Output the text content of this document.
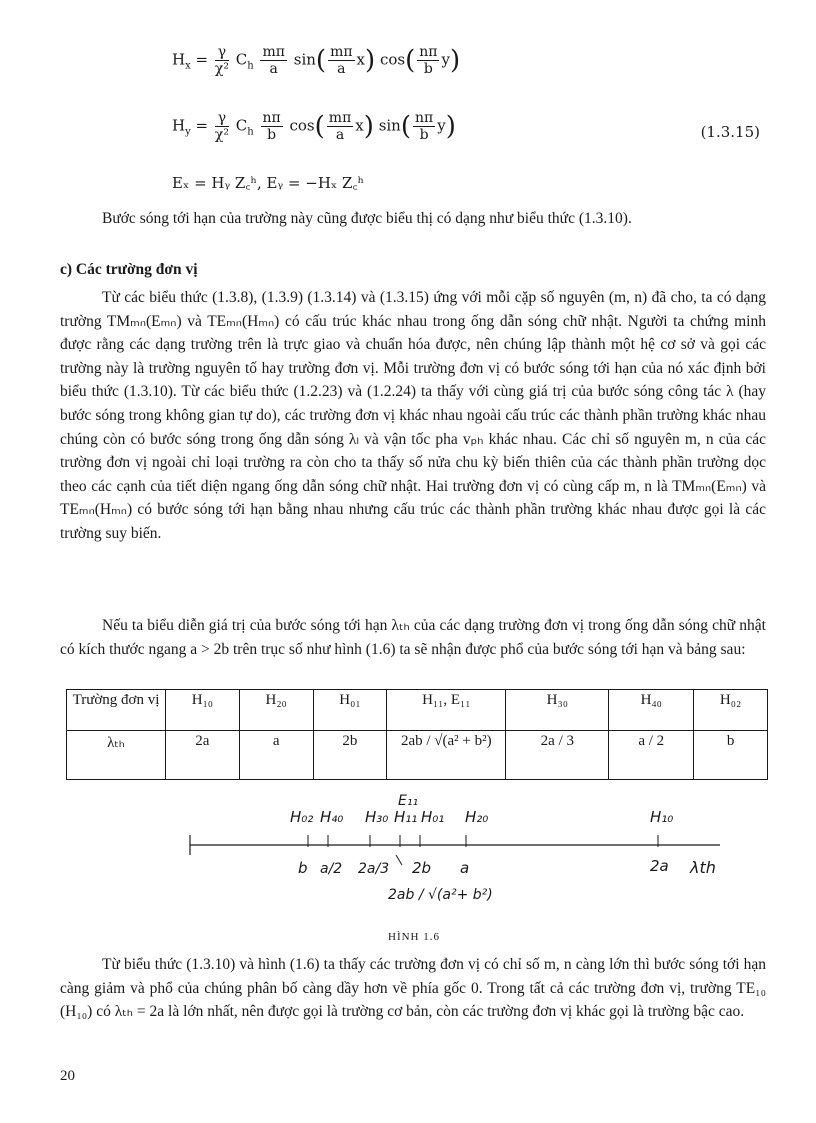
$H_x = \frac{\gamma}{\text{χ²}} C_h \frac{m\pi}{a} \sin( \frac{m\pi}{a} x)$ $\cos( \frac{n\pi}{b} y)$
$H_y = \frac{\gamma}{\text{χ²}} C_h \frac{n\pi}{b} \cos( \frac{m\pi}{a} x)$ $\sin( \frac{n\pi}{b} y)$	(1.3.15)
Eₓ = Hᵧ Z꜀ʰ, Eᵧ = −Hₓ Z꜀ʰ
Bước sóng tới hạn của trường này cũng được biểu thị có dạng như biểu thức (1.3.10).
c) Các trường đơn vị
Từ các biểu thức (1.3.8), (1.3.9) (1.3.14) và (1.3.15) ứng với mỗi cặp số nguyên (m, n) đã cho, ta có dạng trường TMₘₙ(Eₘₙ) và TEₘₙ(Hₘₙ) có cấu trúc khác nhau trong ống dẫn sóng chữ nhật. Người ta chứng minh được rằng các dạng trường trên là trực giao và chuẩn hóa được, nên chúng lập thành một hệ cơ sở và gọi các trường này là trường nguyên tố hay trường đơn vị. Mỗi trường đơn vị có bước sóng tới hạn của nó xác định bởi biểu thức (1.3.10). Từ các biểu thức (1.2.23) và (1.2.24) ta thấy với cùng giá trị của bước sóng công tác λ (hay bước sóng trong không gian tự do), các trường đơn vị khác nhau ngoài cấu trúc các thành phần trường khác nhau chúng còn có bước sóng trong ống dẫn sóng λₗ và vận tốc pha vₚₕ khác nhau. Các chỉ số nguyên m, n của các trường đơn vị ngoài chỉ loại trường ra còn cho ta thấy số nửa chu kỳ biến thiên của các thành phần trường dọc theo các cạnh của tiết diện ngang ống dẫn sóng chữ nhật. Hai trường đơn vị có cùng cấp m, n là TMₘₙ(Eₘₙ) và TEₘₙ(Hₘₙ) có bước sóng tới hạn bằng nhau nhưng cấu trúc các thành phần trường khác nhau được gọi là các trường suy biến.
Nếu ta biểu diễn giá trị của bước sóng tới hạn λₜₕ của các dạng trường đơn vị trong ống dẫn sóng chữ nhật có kích thước ngang a > 2b trên trục số như hình (1.6) ta sẽ nhận được phổ của bước sóng tới hạn và bảng sau:
Trường đơn vị	H₁₀	H₂₀	H₀₁	H₁₁, E₁₁	H₃₀	H₄₀	H₀₂
λₜₕ	2a	a	2b	2ab / √(a² + b²)	2a / 3	a / 2	b
H₀₂ H₄₀ H₃₀
E₁₁
H₁₁ H₀₁ H₂₀	H₁₀
b a/2 2a/3 2b a	2a λth
2ab / √(a²+ b²)
HÌNH 1.6
Từ biểu thức (1.3.10) và hình (1.6) ta thấy các trường đơn vị có chỉ số m, n càng lớn thì bước sóng tới hạn càng giảm và phổ của chúng phân bố càng dầy hơn về phía gốc 0. Trong tất cả các trường đơn vị, trường TE₁₀ (H₁₀) có λₜₕ = 2a là lớn nhất, nên được gọi là trường cơ bản, còn các trường đơn vị khác gọi là trường bậc cao.
20
